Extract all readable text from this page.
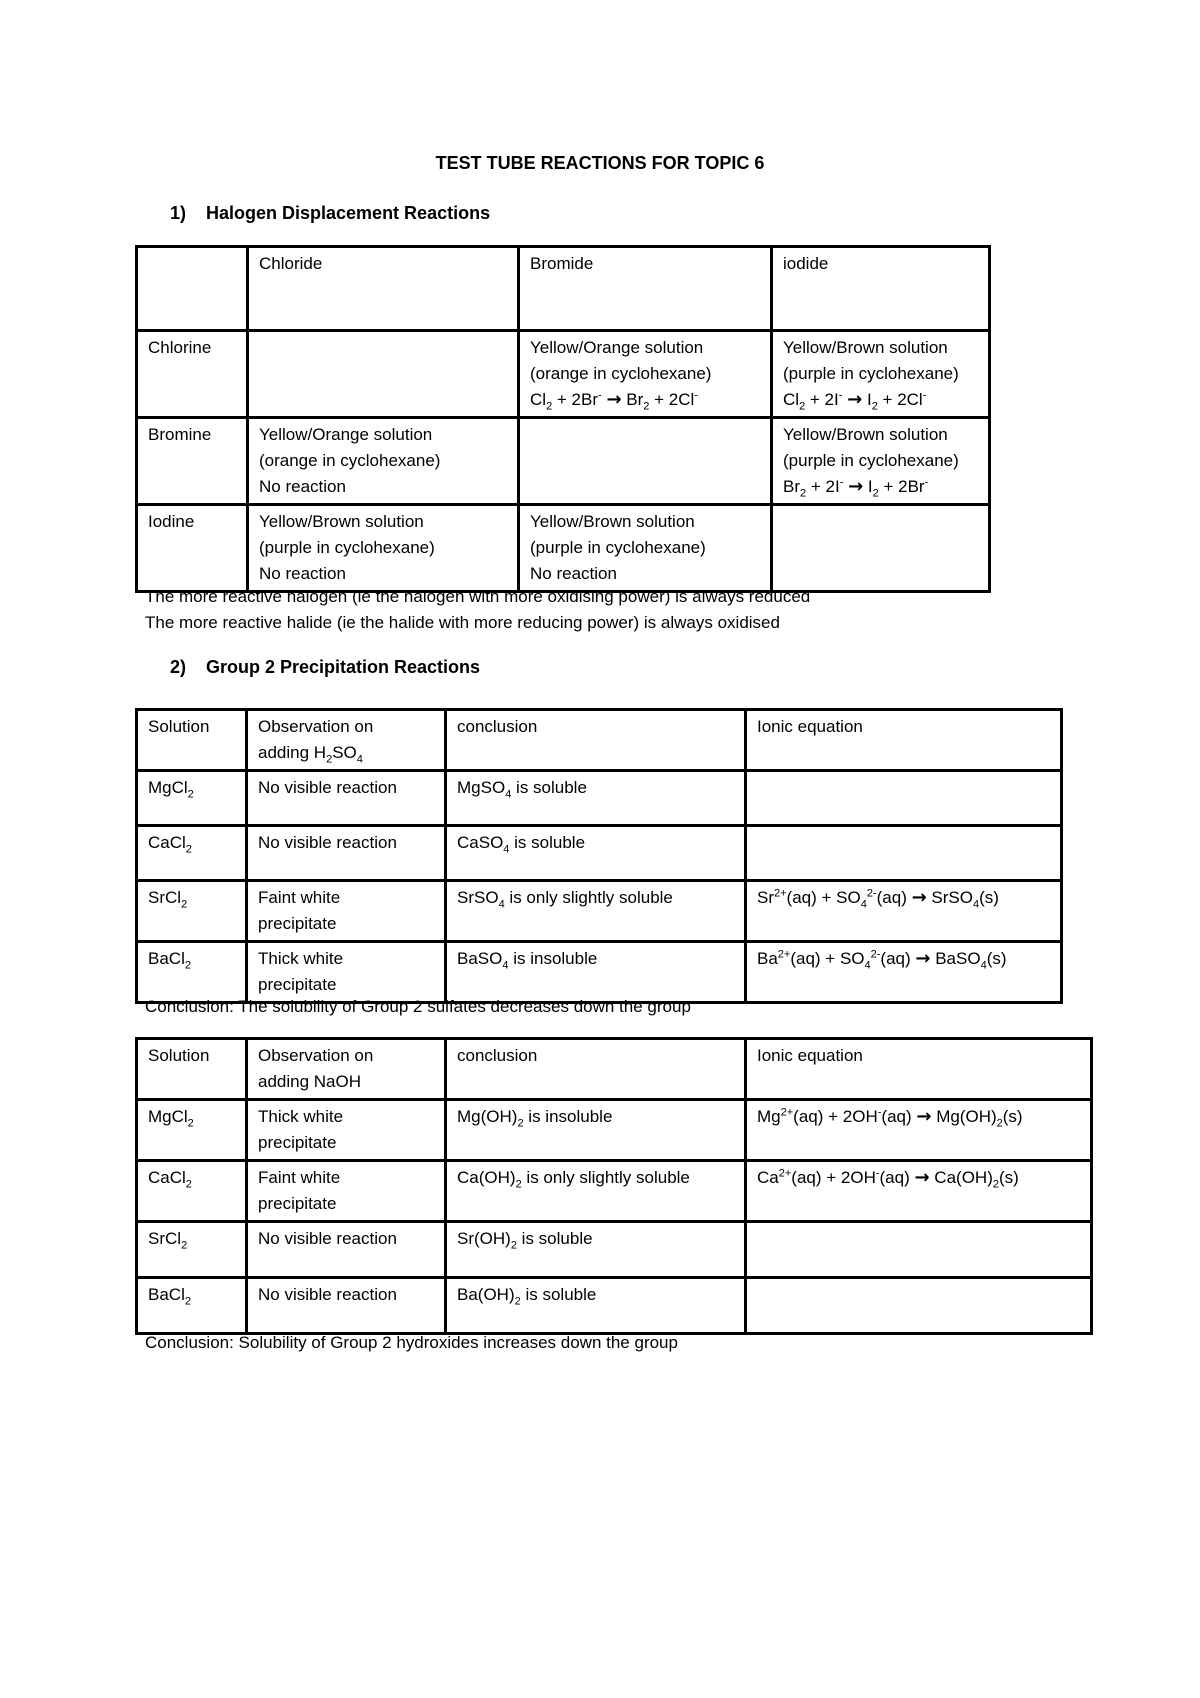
TEST TUBE REACTIONS FOR TOPIC 6
1) Halogen Displacement Reactions
	Chloride	Bromide	iodide
Chlorine		Yellow/Orange solution
(orange in cyclohexane)
$Cl_2 + 2Br^- \to Br_2 + 2Cl^-$	Yellow/Brown solution
(purple in cyclohexane)
$Cl_2 + 2I^- \to I_2 + 2Cl^-$
Bromine	Yellow/Orange solution
(orange in cyclohexane)
No reaction		Yellow/Brown solution
(purple in cyclohexane)
$Br_2 + 2I^- \to I_2 + 2Br^-$
Iodine	Yellow/Brown solution
(purple in cyclohexane)
No reaction	Yellow/Brown solution
(purple in cyclohexane)
No reaction	
The more reactive halogen (ie the halogen with more oxidising power) is always reduced
The more reactive halide (ie the halide with more reducing power) is always oxidised
2) Group 2 Precipitation Reactions
Solution	Observation on
adding $H_2SO_4$	conclusion	Ionic equation
MgCl$_2$	No visible reaction	MgSO$_4$ is soluble	
CaCl$_2$	No visible reaction	CaSO$_4$ is soluble	
SrCl$_2$	Faint white
precipitate	SrSO$_4$ is only slightly soluble	$Sr^{2+}(aq) + SO_4^{2-}(aq)$ → SrSO$_4$(s)
BaCl$_2$	Thick white
precipitate	BaSO$_4$ is insoluble	$Ba^{2+}(aq) + SO_4^{2-}(aq)$ → BaSO$_4$(s)
Conclusion: The solubility of Group 2 sulfates decreases down the group
Solution	Observation on
adding NaOH	conclusion	Ionic equation
MgCl$_2$	Thick white
precipitate	$Mg(OH)_2$ is insoluble	$Mg^{2+}(aq) + 2OH^-(aq) \to Mg(OH)_2(s)$
CaCl$_2$	Faint white
precipitate	$Ca(OH)_2$ is only slightly soluble	$Ca^{2+}(aq) + 2OH^-(aq) \to Ca(OH)_2(s)$
SrCl$_2$	No visible reaction	$Sr(OH)_2$ is soluble	
BaCl$_2$	No visible reaction	$Ba(OH)_2$ is soluble	
Conclusion: Solubility of Group 2 hydroxides increases down the group
